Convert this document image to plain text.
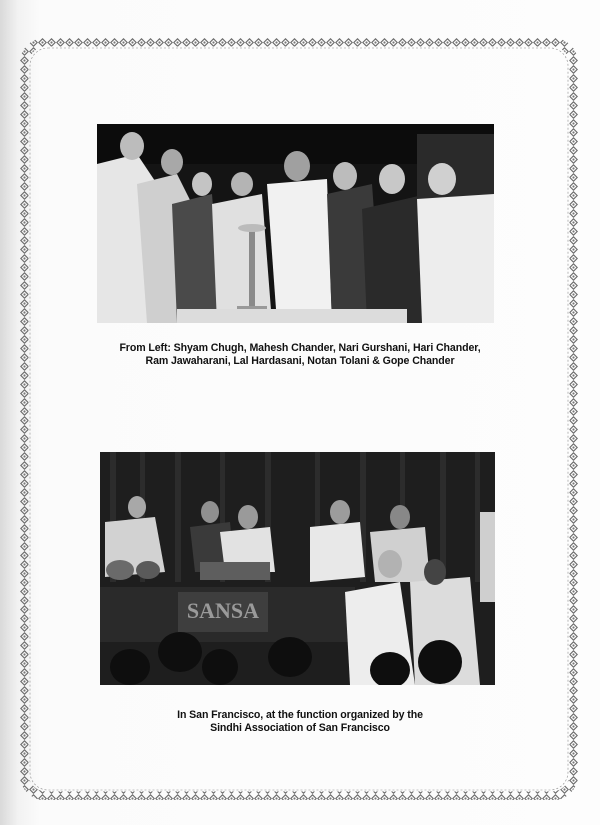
From Left: Shyam Chugh, Mahesh Chander, Nari Gurshani, Hari Chander,
Ram Jawaharani, Lal Hardasani, Notan Tolani & Gope Chander
SANSA
In San Francisco, at the function organized by the
Sindhi Association of San Francisco
